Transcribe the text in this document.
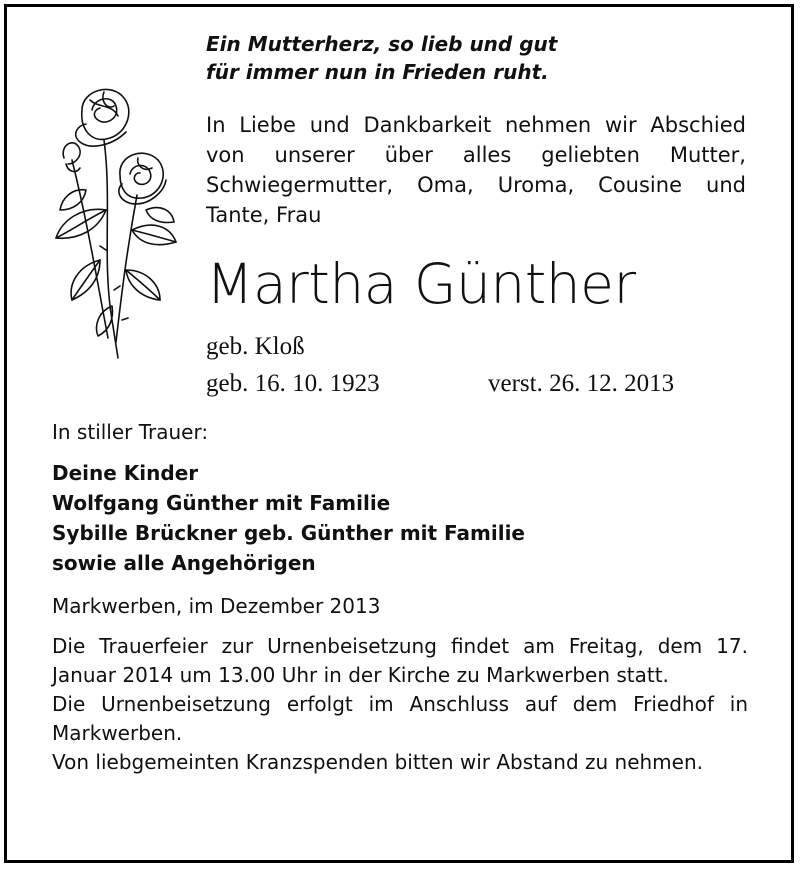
Ein Mutterherz, so lieb und gut
für immer nun in Frieden ruht.
In Liebe und Dankbarkeit nehmen wir Abschied von unserer über alles geliebten Mutter, Schwiegermutter, Oma, Uroma, Cousine und Tante, Frau
Martha Günther
geb. Kloß
geb. 16. 10. 1923	verst. 26. 12. 2013
In stiller Trauer:
Deine Kinder
Wolfgang Günther mit Familie
Sybille Brückner geb. Günther mit Familie
sowie alle Angehörigen
Markwerben, im Dezember 2013

Die Trauerfeier zur Urnenbeisetzung findet am Freitag, dem 17. Januar 2014 um 13.00 Uhr in der Kirche zu Markwerben statt.

Die Urnenbeisetzung erfolgt im Anschluss auf dem Friedhof in Markwerben.

Von liebgemeinten Kranzspenden bitten wir Abstand zu nehmen.
